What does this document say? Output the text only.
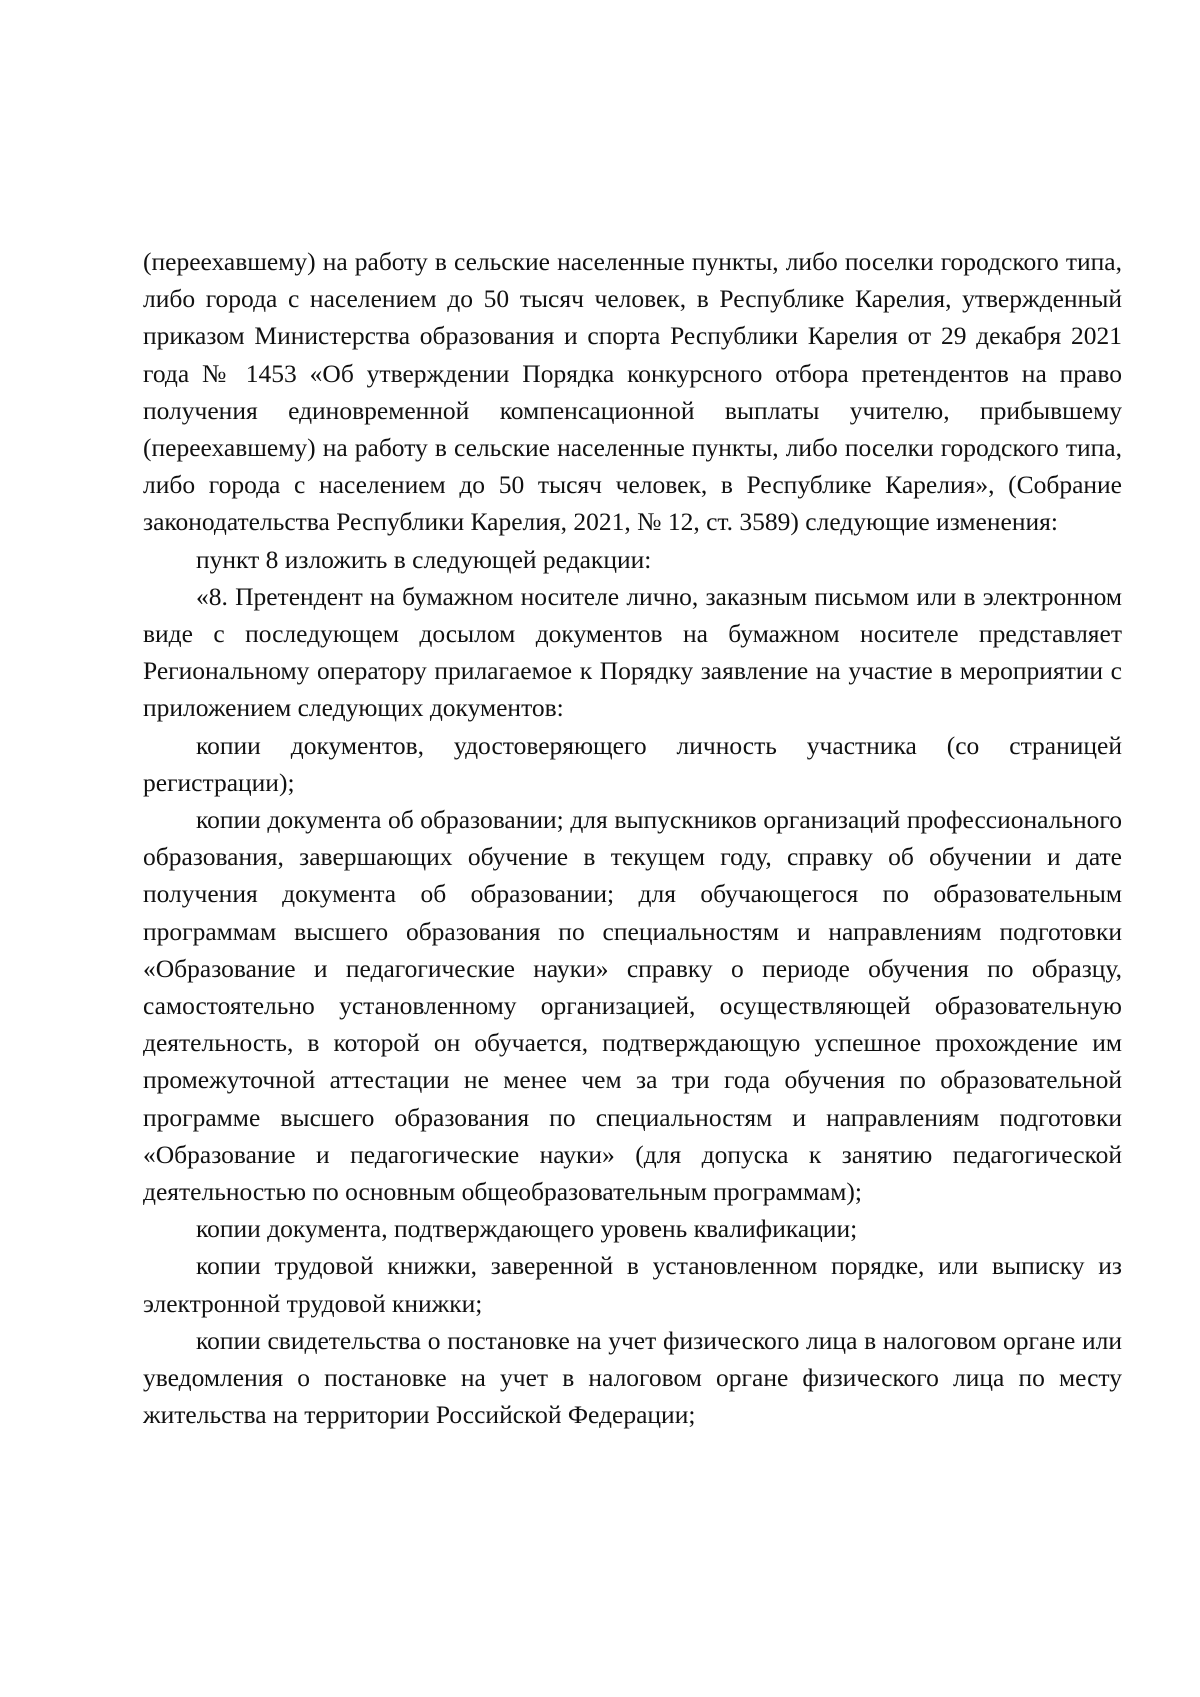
(переехавшему) на работу в сельские населенные пункты, либо поселки городского типа, либо города с населением до 50 тысяч человек, в Республике Карелия, утвержденный приказом Министерства образования и спорта Республики Карелия от 29 декабря 2021 года № 1453 «Об утверждении Порядка конкурсного отбора претендентов на право получения единовременной компенсационной выплаты учителю, прибывшему (переехавшему) на работу в сельские населенные пункты, либо поселки городского типа, либо города с населением до 50 тысяч человек, в Республике Карелия», (Собрание законодательства Республики Карелия, 2021, № 12, ст. 3589) следующие изменения:

пункт 8 изложить в следующей редакции:

«8. Претендент на бумажном носителе лично, заказным письмом или в электронном виде с последующем досылом документов на бумажном носителе представляет Региональному оператору прилагаемое к Порядку заявление на участие в мероприятии с приложением следующих документов:

копии документов, удостоверяющего личность участника (со страницей регистрации);

копии документа об образовании; для выпускников организаций профессионального образования, завершающих обучение в текущем году, справку об обучении и дате получения документа об образовании; для обучающегося по образовательным программам высшего образования по специальностям и направлениям подготовки «Образование и педагогические науки» справку о периоде обучения по образцу, самостоятельно установленному организацией, осуществляющей образовательную деятельность, в которой он обучается, подтверждающую успешное прохождение им промежуточной аттестации не менее чем за три года обучения по образовательной программе высшего образования по специальностям и направлениям подготовки «Образование и педагогические науки» (для допуска к занятию педагогической деятельностью по основным общеобразовательным программам);

копии документа, подтверждающего уровень квалификации;

копии трудовой книжки, заверенной в установленном порядке, или выписку из электронной трудовой книжки;

копии свидетельства о постановке на учет физического лица в налоговом органе или уведомления о постановке на учет в налоговом органе физического лица по месту жительства на территории Российской Федерации;
